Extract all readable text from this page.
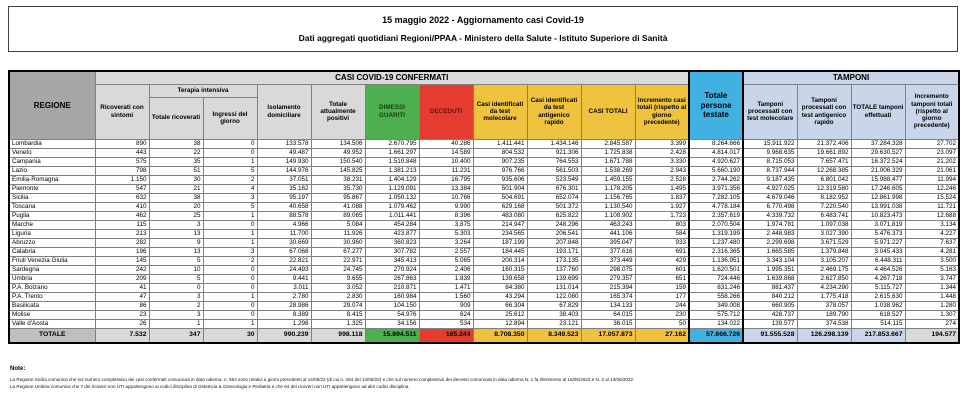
15 maggio 2022 - Aggiornamento casi Covid-19
Dati aggregati quotidiani Regioni/PPAA - Ministero della Salute - Istituto Superiore di Sanità
REGIONE	CASI COVID-19 CONFERMATI											Totale persone testate	TAMPONI			
	Ricoverati con sintomi	Terapia intensiva		Isolamento domiciliare	Totale attualmente positivi	DIMESSI GUARITI	DECEDUTI	Casi identificati da test molecolare	Casi identificati da test antigenico rapido	CASI TOTALI	Incremento casi totali (rispetto al giorno precedente)		Tamponi processati con test molecolare	Tamponi processati con test antigenico rapido	TOTALE tamponi effettuati	Incremento tamponi totali (rispetto al giorno precedente)
		Totale ricoverati	Ingressi del giorno													
Lombardia	890	38	0	133.578	134.506	2.670.795	40.286	1.411.441	1.434.146	2.845.587	3.399	8.264.666	15.911.922	21.372.406	37.284.328	27.702
Veneto	443	22	0	49.487	49.952	1.661.297	14.589	804.532	921.306	1.725.838	2.428	4.814.017	9.968.635	19.661.892	29.630.527	23.097
Campania	575	35	1	149.930	150.540	1.510.848	10.400	907.235	764.553	1.671.788	3.330	4.920.627	8.715.053	7.657.471	16.372.524	21.202
Lazio	798	51	5	144.976	145.825	1.381.213	11.231	976.766	561.503	1.538.269	2.943	5.660.190	8.737.944	12.268.385	21.006.329	21.061
Emilia-Romagna	1.150	30	2	37.051	38.231	1.404.129	16.795	935.606	523.549	1.459.155	2.528	2.744.262	9.187.435	6.801.042	15.988.477	11.994
Piemonte	547	21	4	35.162	35.730	1.129.091	13.384	501.904	676.301	1.178.205	1.495	3.971.356	4.927.025	12.319.580	17.246.605	12.246
Sicilia	632	38	3	95.197	95.867	1.050.132	10.766	504.691	652.074	1.156.765	1.837	7.282.105	4.679.046	8.182.952	12.861.998	15.524
Toscana	410	20	5	40.658	41.088	1.079.462	9.990	629.168	501.372	1.130.540	1.927	4.778.184	6.770.498	7.220.540	13.991.038	11.721
Puglia	462	25	1	88.578	89.065	1.011.441	8.396	483.080	625.822	1.108.902	1.723	2.357.619	4.339.732	6.483.741	10.823.473	12.688
Marche	115	3	0	4.966	5.084	454.284	3.875	214.947	248.296	463.243	803	2.070.504	1.974.781	1.097.038	3.071.819	3.134
Liguria	213	13	1	11.700	11.926	423.877	5.303	234.565	206.541	441.106	584	1.319.199	2.448.983	3.027.390	5.476.373	4.227
Abruzzo	282	9	1	30.669	30.960	360.823	3.264	187.199	207.848	395.047	933	1.237.480	2.299.698	3.671.529	5.971.227	7.637
Calabria	196	13	3	67.068	67.277	307.782	2.557	184.445	193.171	377.616	691	2.316.365	1.665.585	1.379.848	3.045.433	4.281
Friuli Venezia Giulia	145	5	2	22.821	22.971	345.413	5.065	200.314	173.135	373.449	429	1.136.951	3.343.104	3.105.207	6.448.311	3.500
Sardegna	242	10	0	24.493	24.745	270.924	2.406	160.315	137.760	298.075	601	1.620.501	1.995.351	2.469.175	4.464.526	5.163
Umbria	209	5	0	9.441	9.655	267.863	1.839	139.658	139.699	279.357	651	724.446	1.639.868	2.627.850	4.267.718	3.747
P.A. Bolzano	41	0	0	3.011	3.052	210.871	1.471	84.380	131.014	215.394	159	831.246	881.437	4.234.290	5.115.727	1.344
P.A. Trento	47	3	1	2.780	2.830	160.984	1.560	43.294	122.080	165.374	177	558.266	840.212	1.775.418	2.615.630	1.448
Basilicata	86	2	0	28.986	29.074	104.150	909	66.304	67.829	134.133	244	349.008	660.905	378.057	1.038.962	1.280
Molise	23	3	0	8.389	8.415	54.976	624	25.612	38.403	64.015	230	575.712	428.737	189.790	618.527	1.307
Valle d'Aosta	26	1	1	1.298	1.325	34.156	534	12.894	23.121	36.015	50	134.022	139.577	374.538	514.115	274
TOTALE	7.532	347	30	990.239	998.118	15.894.511	165.244	8.708.350	8.349.523	17.057.873	27.162	57.666.726	91.555.528	126.298.139	217.853.667	194.577
Note:
La Regione Sicilia comunica che sul numero complessivo dei casi confermati comunicati in data odierna, n. 564 sono relativi a giorni precedenti al 14/05/22 (di cui n. 284 del 13/05/22) e che sul numero complessivo dei decessi comunicati in data odierna N. 1 fa riferimento al 15/05/2022 e N. 2 al 13/05/2022.
La Regione Umbria comunica che 7 dei ricoveri non UTI appartengono ai codici disciplina di Ostetricia & Ginecologia e Pediatria e che 64 dei ricoveri non UTI appartengono ad altri codici disciplina.
